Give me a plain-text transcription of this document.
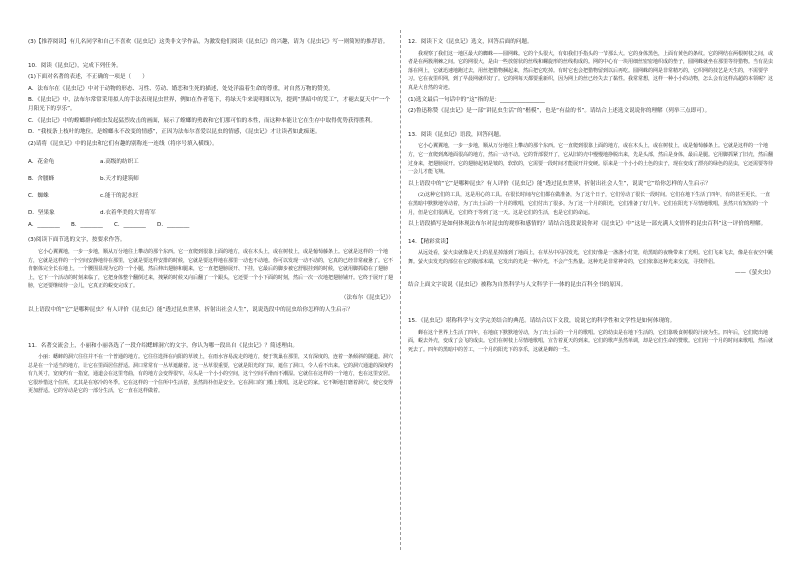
(3)【推荐阅读】有几名同学和自己不喜欢《昆虫记》这类非文学作品，为激发他们阅读《昆虫记》的兴趣，请为《昆虫记》写一则简短的推荐语。

10．阅读《昆虫记》，完成下列任务。

(1)下面对名著的表述，不正确的一项是（　　）

A．法布尔在《昆虫记》中对于动物的形态、习性、劳动、婚恋和生死的描述，处处洋溢着生命的尊重，对自然万物的赞美。

B．《昆虫记》中，法布尔常常采用拟人的手法表现昆虫世界，例如在作者笔下，将绿天牛来说明图以为，提到“黑暗中的荒工”，才褪去夏天中“一个月阳光下的享乐”。

C．《昆虫记》中的螳螂群向蝗虫发起猛烈攻击的画面，展示了螳螂的勇敢和它们那可怕的本性，而这种本能让它在生存中取得优势获得胜利。

D．“我枝条上枝叶的地位，是螳螂永不改变的情感”，正因为法布尔喜爱以昆虫的情感，《昆虫记》才让读者如此痴迷。

(2)请将《昆虫记》中的昆虫和它们有趣的别称连一连线（将序号填入横线）。

A．花金龟	a.高级的纺织工
B．舍腰蜂	b.天才的建筑师
C．蜘蛛	c.能干的泥水匠
D．坚果象	d.衣着华美的大胃将军
A．________　　B．________　　C．________　　D．________

(3)阅读下面节选的文字，按要求作答。

它小心翼翼地，一步一步地，顺从万分地往上攀动的那个东西。它一直爬到很靠上面的地方，或在木头上，或在树枝上，或是葡萄藤条上。它就是这样的一个地方，它就是这样的一个空间安静地待在那里，它就是要这样安排的时候，它就是要这样地在那里一动也不动地。你可以发现一动不动的，它真的已经非常疲惫了。它不肯躯体完全长在地上，一个腰围显现为它的一个小腿，然后伸出翅膀和腿来，它一直把翅膀展开、下挂，它最后的脚步被它舒服挂到的时候，它就用脚抓稳在了翅膀上，它下一个活动的时刻来临了，它把身体整个翻倒过来，拽紧的时候又向后翻了一个跟头，它还要一个小下面的时刻，然后一次一次地把翅膀铺开。它终于展开了翅膀，它还要继续待一会儿，它真正的蜕变完成了。

（法布尔《昆虫记》）

以上语段中的“它”是哪种昆虫？有人评价《昆虫记》能“透过昆虫世界，折射出社会人生”，说说选段中的昆虫给你怎样的人生启示？

11．名著交流会上，小丽和小丽各选了一段介绍蟋蟀洞穴的文字，你认为哪一段出自《昆虫记》？简述理由。

小丽：蟋蟀的洞穴往往并不在一个普通的地方。它往往选择在向阳的草坡上，在雨水容易流走的地方，便于筑巢在那里，又有深度的，连着一条倾斜的隧道。洞穴总是在一个适当的地方，让它在里面居住舒适。洞口常常有一丛草遮蔽着。这一丛草很重要，它就是阳光的门帘，遮住了洞口，令人看不出来。它的洞穴通道的深度约有九英寸，宽度约有一指宽，通道会在这里弯曲，有的地方会变得很窄，尽头是一个小小的空间，这个空间平滑而不潮湿。它就住在这样的一个地方，也在这里安居。它很珍惜这个住所，尤其是在寒冷的冬季。它在这样的一个住所中生活着，虽然简朴但是安全。它在洞口的门槛上歌唱，这是它的家。它不断地打磨着洞穴，使它变得更加舒适。它的劳动是它的一部分生活，它一直在这样做着。

12．阅读下文《昆虫记》选文，回答后面的问题。

我观察了我们这一地区最大的蜘蛛——圆网蛛。它的个头很大，有如我们手指头的一节那么大。它的身体黑色，上面有黄色的条纹。它的网结在两根树枝之间，或者是在两簇荆棘之间。它的网很大，是由一些放射状的丝线和螺旋形的丝线构成的。网的中心有一块用细丝密密地织成的垫子，圆网蛛就坐在那里等待猎物。当有昆虫落在网上，它就迅速地跑过去，用丝把猎物捆起来，然后把它吃掉。有时它也会把猎物留到以后再吃。圆网蛛的网是非常精巧的，它织网的技艺是天生的，不需要学习。它在夜里织网，到了早晨网就织好了。它的网每天都要重新织，因为网上的丝已经失去了黏性。我常常想，这样一种小小的动物，怎么会有这样高超的本领呢？这真是大自然的奇迹。

(1)选文最后一句话中的“这”指的是：________________

(2)鲁迅称赞《昆虫记》是一部“讲昆虫生活”的“楷模”，也是“有益的书”。请结合上述选文说说你的理解（列举三点即可）。

13．阅读《昆虫记》语段，回答问题。

它小心翼翼地，一步一步地，顺从万分地往上攀动的那个东西。它一直爬到很靠上面的地方，或在木头上，或在树枝上，或是葡萄藤条上。它就是这样的一个地方，它一直爬到离地面很高的地方，然后一动不动。它的背部裂开了，它从旧的壳中慢慢地挣脱出来，先是头部，然后是身体，最后是腿。它用脚抓紧了旧壳，然后翻过身来，把翅膀展开。它的翅膀起初是皱的，软软的，它需要一段时间才能展开并变硬。原来是一个小小的土色的虫子，现在变成了漂亮的绿色的昆虫，它还需要等待一会儿才能飞翔。

以上语段中的“它”是哪种昆虫？有人评价《昆虫记》能“透过昆虫世界，折射出社会人生”，说说“它”给你怎样的人生启示？

(2)这种它们的工具，这是用心的工具。在很长时间内它们都在做准备，为了这个日子，它们劳动了很长一段时间。它们在地下生活了四年，有的甚至更长，一直在黑暗中默默地劳动着，为了出土后的一个月的歌唱，它们付出了很多。为了这一个月的阳光，它们准备了好几年。它们在阳光下尽情地歌唱，虽然只有短短的一个月，但是它们很满足，它们终于等到了这一天。这是它们的生活，也是它们的命运。

以上语段描写是如何体现法布尔对昆虫的观察和感情的？请结合选段说说你对《昆虫记》中“这是一部充满人文情怀的昆虫百科”这一评价的理解。

14．【精彩赏读】

从远处看，萤火虫就像是天上的星星掉落到了地面上，在草丛中闪闪发光，它们好像是一盏盏小灯笼，给黑暗的夜晚带来了光明。它们飞来飞去，像是在夜空中跳舞。萤火虫发光的部位在它的腹部末端，它发出的光是一种冷光，不会产生热量。这种光是非常神奇的，它们依靠这种光来交流，寻找伴侣。

——《萤火虫》

结合上面文字说说《昆虫记》被称为自然科学与人文科学于一体的昆虫百科全书的原因。

15．《昆虫记》堪称科学与文学完美结合的典范。请结合以下文段，说说它的科学性和文学性是如何体现的。

蝉在这个世界上生活了四年，在地底下默默地劳动，为了出土后的一个月的歌唱。它的幼虫是在地下生活的，它们靠吸食树根的汁液为生。四年后，它们爬出地面，蜕去外壳，变成了会飞的成虫。它们在树枝上尽情地歌唱，宣告着夏天的到来。它们的歌声虽然单调，却是它们生命的赞歌。它们用一个月的时间来歌唱，然后就死去了。四年的黑暗中的苦工，一个月的阳光下的享乐，这就是蝉的一生。
